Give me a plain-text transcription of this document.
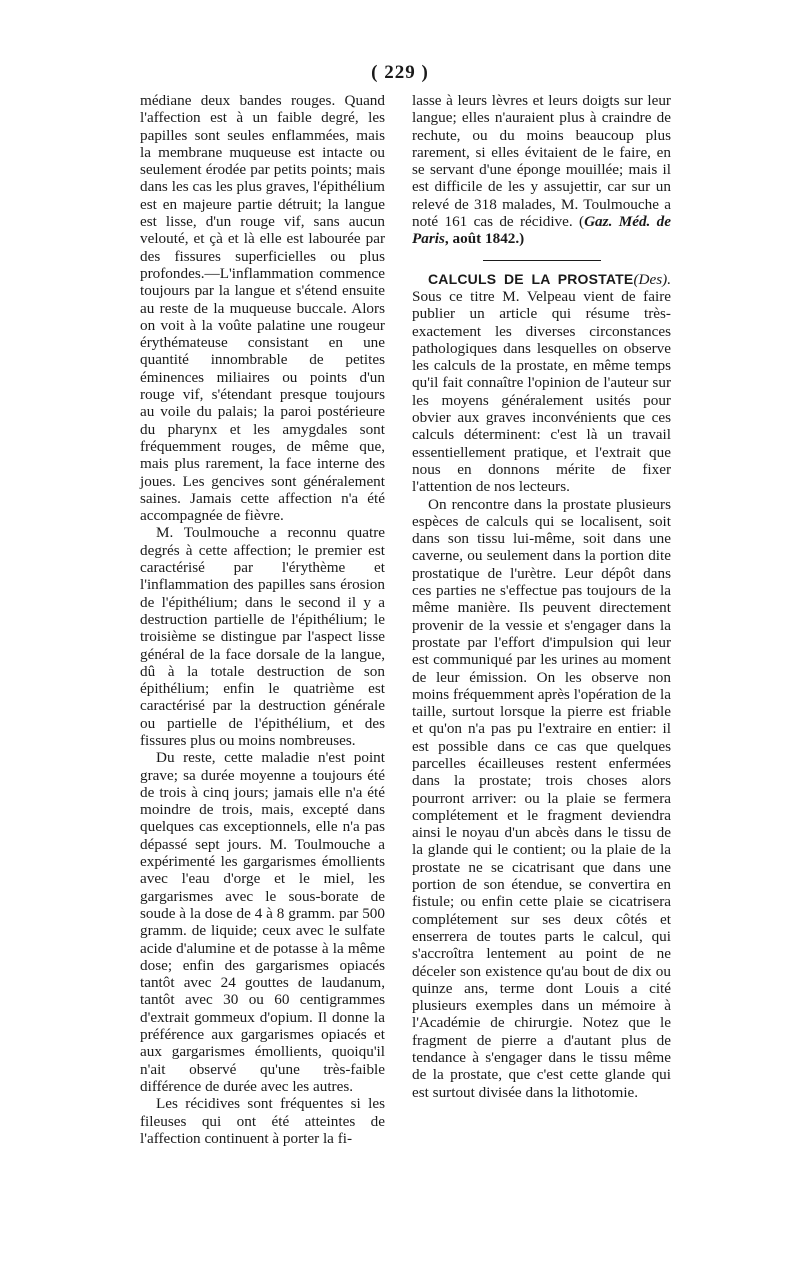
( 229 )

médiane deux bandes rouges. Quand l'affection est à un faible degré, les papilles sont seules enflammées, mais la membrane muqueuse est intacte ou seulement érodée par petits points; mais dans les cas les plus graves, l'épithélium est en majeure partie détruit; la langue est lisse, d'un rouge vif, sans aucun velouté, et çà et là elle est labourée par des fissures superficielles ou plus profondes.—L'inflammation commence toujours par la langue et s'étend ensuite au reste de la muqueuse buccale. Alors on voit à la voûte palatine une rougeur érythémateuse consistant en une quantité innombrable de petites éminences miliaires ou points d'un rouge vif, s'étendant presque toujours au voile du palais; la paroi postérieure du pharynx et les amygdales sont fréquemment rouges, de même que, mais plus rarement, la face interne des joues. Les gencives sont généralement saines. Jamais cette affection n'a été accompagnée de fièvre.

M. Toulmouche a reconnu quatre degrés à cette affection; le premier est caractérisé par l'érythème et l'inflammation des papilles sans érosion de l'épithélium; dans le second il y a destruction partielle de l'épithélium; le troisième se distingue par l'aspect lisse général de la face dorsale de la langue, dû à la totale destruction de son épithélium; enfin le quatrième est caractérisé par la destruction générale ou partielle de l'épithélium, et des fissures plus ou moins nombreuses.

Du reste, cette maladie n'est point grave; sa durée moyenne a toujours été de trois à cinq jours; jamais elle n'a été moindre de trois, mais, excepté dans quelques cas exceptionnels, elle n'a pas dépassé sept jours. M. Toulmouche a expérimenté les gargarismes émollients avec l'eau d'orge et le miel, les gargarismes avec le sous-borate de soude à la dose de 4 à 8 gramm. par 500 gramm. de liquide; ceux avec le sulfate acide d'alumine et de potasse à la même dose; enfin des gargarismes opiacés tantôt avec 24 gouttes de laudanum, tantôt avec 30 ou 60 centigrammes d'extrait gommeux d'opium. Il donne la préférence aux gargarismes opiacés et aux gargarismes émollients, quoiqu'il n'ait observé qu'une très-faible différence de durée avec les autres.

Les récidives sont fréquentes si les fileuses qui ont été atteintes de l'affection continuent à porter la fi-

lasse à leurs lèvres et leurs doigts sur leur langue; elles n'auraient plus à craindre de rechute, ou du moins beaucoup plus rarement, si elles évitaient de le faire, en se servant d'une éponge mouillée; mais il est difficile de les y assujettir, car sur un relevé de 318 malades, M. Toulmouche a noté 161 cas de récidive. (Gaz. Méd. de Paris, août 1842.)

CALCULS DE LA PROSTATE(Des). Sous ce titre M. Velpeau vient de faire publier un article qui résume très-exactement les diverses circonstances pathologiques dans lesquelles on observe les calculs de la prostate, en même temps qu'il fait connaître l'opinion de l'auteur sur les moyens généralement usités pour obvier aux graves inconvénients que ces calculs déterminent: c'est là un travail essentiellement pratique, et l'extrait que nous en donnons mérite de fixer l'attention de nos lecteurs.

On rencontre dans la prostate plusieurs espèces de calculs qui se localisent, soit dans son tissu lui-même, soit dans une caverne, ou seulement dans la portion dite prostatique de l'urètre. Leur dépôt dans ces parties ne s'effectue pas toujours de la même manière. Ils peuvent directement provenir de la vessie et s'engager dans la prostate par l'effort d'impulsion qui leur est communiqué par les urines au moment de leur émission. On les observe non moins fréquemment après l'opération de la taille, surtout lorsque la pierre est friable et qu'on n'a pas pu l'extraire en entier: il est possible dans ce cas que quelques parcelles écailleuses restent enfermées dans la prostate; trois choses alors pourront arriver: ou la plaie se fermera complétement et le fragment deviendra ainsi le noyau d'un abcès dans le tissu de la glande qui le contient; ou la plaie de la prostate ne se cicatrisant que dans une portion de son étendue, se convertira en fistule; ou enfin cette plaie se cicatrisera complétement sur ses deux côtés et enserrera de toutes parts le calcul, qui s'accroîtra lentement au point de ne déceler son existence qu'au bout de dix ou quinze ans, terme dont Louis a cité plusieurs exemples dans un mémoire à l'Académie de chirurgie. Notez que le fragment de pierre a d'autant plus de tendance à s'engager dans le tissu même de la prostate, que c'est cette glande qui est surtout divisée dans la lithotomie.
